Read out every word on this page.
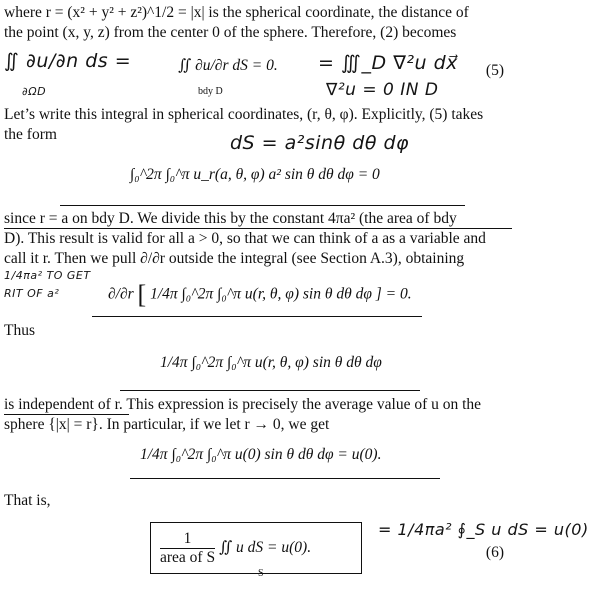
where r = (x² + y² + z²)^1/2 = |x| is the spherical coordinate, the distance of
the point (x, y, z) from the center 0 of the sphere. Therefore, (2) becomes
∬ ∂u/∂n ds =
∂ΩD
∬ ∂u/∂r dS = 0.
bdy D
= ∭_D ∇²u dx⃗
∇²u = 0 IN D
(5)
Let’s write this integral in spherical coordinates, (r, θ, φ). Explicitly, (5) takes
the form	dS = a²sinθ dθ dφ
∫₀^2π ∫₀^π u_r(a, θ, φ) a² sin θ dθ dφ = 0
since r = a on bdy D. We divide this by the constant 4πa² (the area of bdy
D). This result is valid for all a > 0, so that we can think of a as a variable and
call it r. Then we pull ∂/∂r outside the integral (see Section A.3), obtaining
1/4πa² TO GET
RIT OF a²	∂/∂r [ 1/4π ∫₀^2π ∫₀^π u(r, θ, φ) sin θ dθ dφ ] = 0.
Thus
1/4π ∫₀^2π ∫₀^π u(r, θ, φ) sin θ dθ dφ
is independent of r. This expression is precisely the average value of u on the
sphere {|x| = r}. In particular, if we let r → 0, we get
1/4π ∫₀^2π ∫₀^π u(0) sin θ dθ dφ = u(0).
That is,
$\frac{1}{\text{area of S}}$ ∬ u dS = u(0).
S
= 1/4πa² ∮_S u dS = u(0)
(6)
